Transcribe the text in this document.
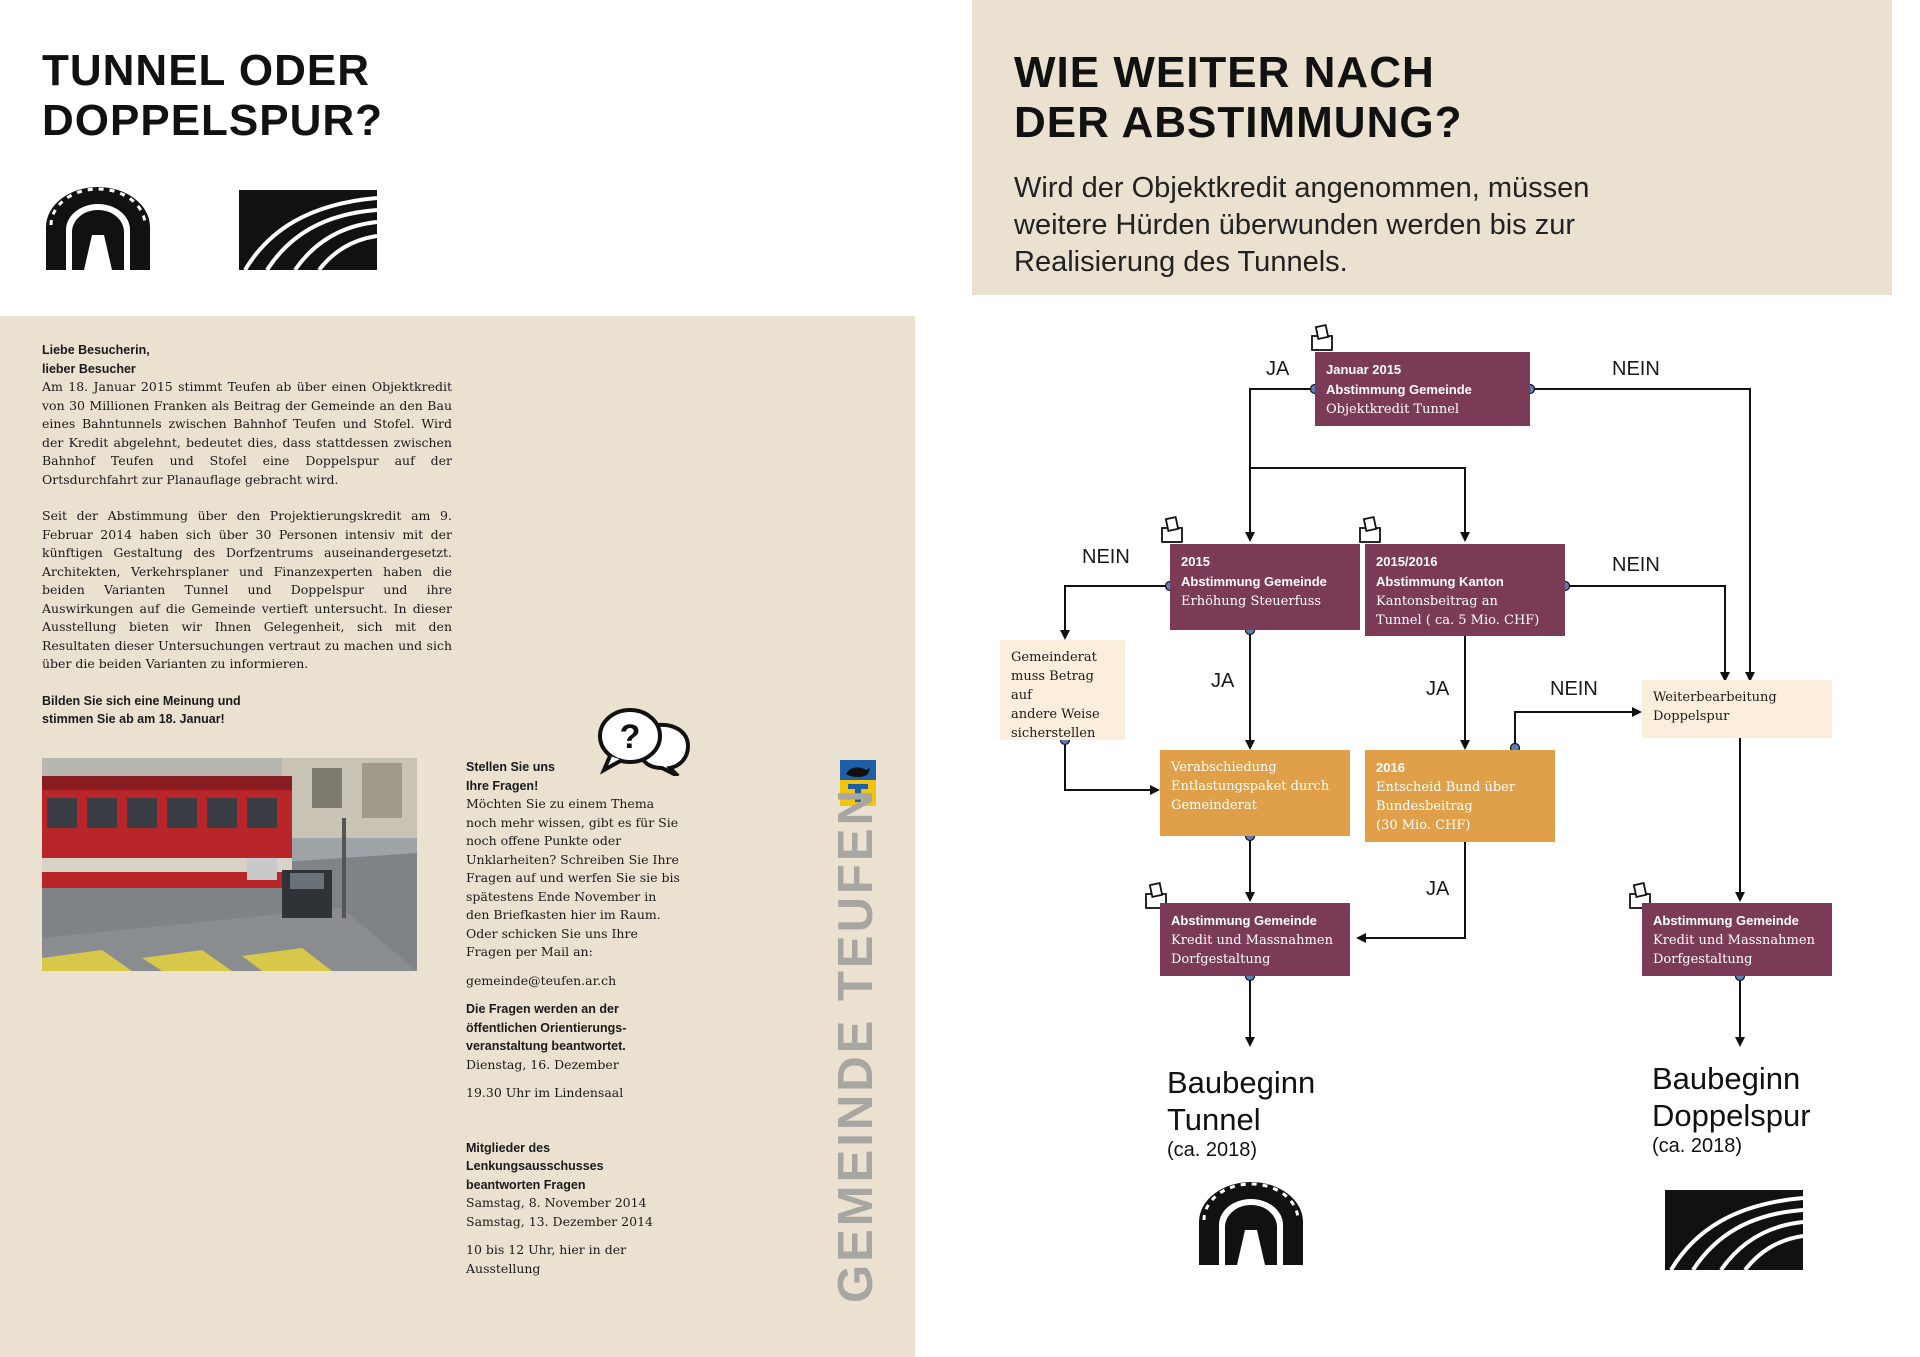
TUNNEL ODER
DOPPELSPUR?

Liebe Besucherin,
lieber Besucher
Am 18. Januar 2015 stimmt Teufen ab über einen Objektkredit von 30 Millionen Franken als Beitrag der Gemeinde an den Bau eines Bahntunnels zwischen Bahnhof Teufen und Stofel. Wird der Kredit abgelehnt, bedeutet dies, dass stattdessen zwischen Bahnhof Teufen und Stofel eine Doppelspur auf der Ortsdurchfahrt zur Planauflage gebracht wird.

Seit der Abstimmung über den Projektierungskredit am 9. Februar 2014 haben sich über 30 Personen intensiv mit der künftigen Gestaltung des Dorfzentrums auseinandergesetzt. Architekten, Verkehrsplaner und Finanzexperten haben die beiden Varianten Tunnel und Doppelspur und ihre Auswirkungen auf die Gemeinde vertieft untersucht. In dieser Ausstellung bieten wir Ihnen Gelegenheit, sich mit den Resultaten dieser Untersuchungen vertraut zu machen und sich über die beiden Varianten zu informieren.

Bilden Sie sich eine Meinung und
stimmen Sie ab am 18. Januar!	?

Stellen Sie uns
Ihre Fragen!
Möchten Sie zu einem Thema noch mehr wissen, gibt es für Sie noch offene Punkte oder Unklarheiten? Schreiben Sie Ihre Fragen auf und werfen Sie sie bis spätestens Ende November in den Briefkasten hier im Raum. Oder schicken Sie uns Ihre Fragen per Mail an:

gemeinde@teufen.ar.ch

Die Fragen werden an der
öffentlichen Orientierungs-
veranstaltung beantwortet.
Dienstag, 16. Dezember

19.30 Uhr im Lindensaal

Mitglieder des
Lenkungsausschusses
beantworten Fragen
Samstag, 8. November 2014
Samstag, 13. Dezember 2014

10 bis 12 Uhr, hier in der Ausstellung	GEMEINDE TEUFEN
WIE WEITER NACH
DER ABSTIMMUNG?
Wird der Objektkredit angenommen, müssen weitere Hürden überwunden werden bis zur Realisierung des Tunnels.
JA	NEIN
NEIN	NEIN
JA	JA	NEIN
JA
Januar 2015
Abstimmung Gemeinde
Objektkredit Tunnel
2015
Abstimmung Gemeinde
Erhöhung Steuerfuss
2015/2016
Abstimmung Kanton
Kantonsbeitrag an
Tunnel ( ca. 5 Mio. CHF)
Gemeinderat
muss Betrag auf
andere Weise
sicherstellen
Verabschiedung
Entlastungspaket durch
Gemeinderat
2016
Entscheid Bund über
Bundesbeitrag
(30 Mio. CHF)
Weiterbearbeitung
Doppelspur
Abstimmung Gemeinde
Kredit und Massnahmen
Dorfgestaltung
Abstimmung Gemeinde
Kredit und Massnahmen
Dorfgestaltung
Baubeginn
Tunnel
(ca. 2018)
Baubeginn
Doppelspur
(ca. 2018)
